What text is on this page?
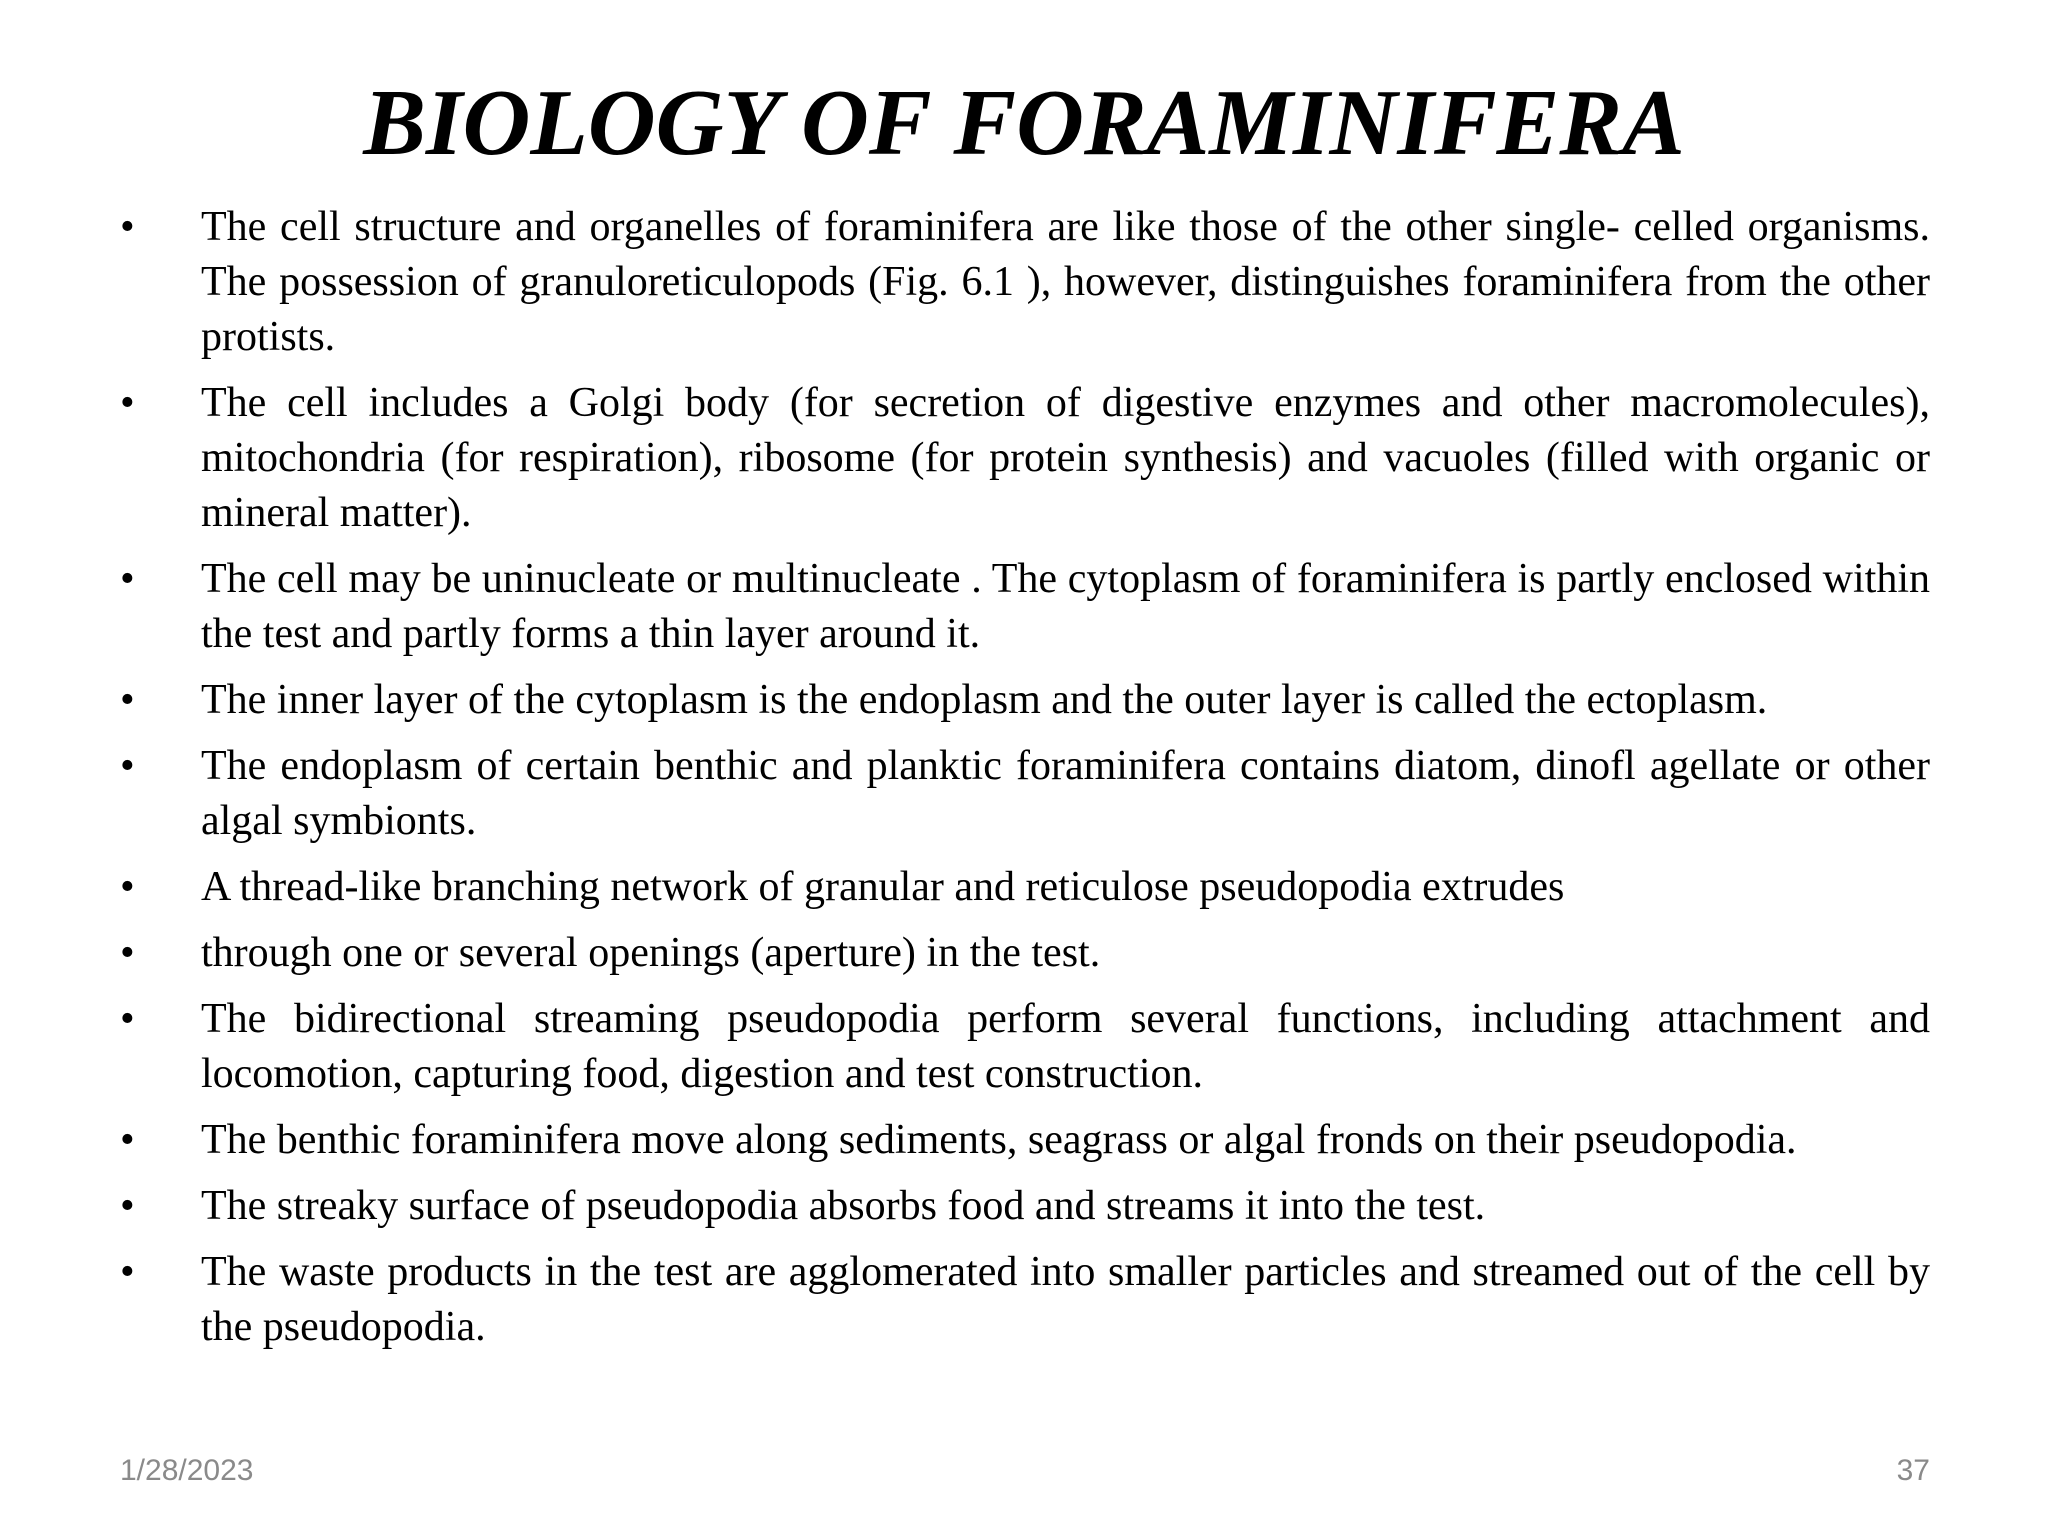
BIOLOGY OF FORAMINIFERA
•	The cell structure and organelles of foraminifera are like those of the other single- celled organisms. The possession of granuloreticulopods (Fig. 6.1 ), however, distinguishes foraminifera from the other protists.
•	The cell includes a Golgi body (for secretion of digestive enzymes and other macromolecules), mitochondria (for respiration), ribosome (for protein synthesis) and vacuoles (filled with organic or mineral matter).
•	The cell may be uninucleate or multinucleate . The cytoplasm of foraminifera is partly enclosed within the test and partly forms a thin layer around it.
•	The inner layer of the cytoplasm is the endoplasm and the outer layer is called the ectoplasm.
•	The endoplasm of certain benthic and planktic foraminifera contains diatom, dinofl agellate or other algal symbionts.
•	A thread-like branching network of granular and reticulose pseudopodia extrudes
•	through one or several openings (aperture) in the test.
•	The bidirectional streaming pseudopodia perform several functions, including attachment and locomotion, capturing food, digestion and test construction.
•	The benthic foraminifera move along sediments, seagrass or algal fronds on their pseudopodia.
•	The streaky surface of pseudopodia absorbs food and streams it into the test.
•	The waste products in the test are agglomerated into smaller particles and streamed out of the cell by the pseudopodia.
1/28/2023	37
